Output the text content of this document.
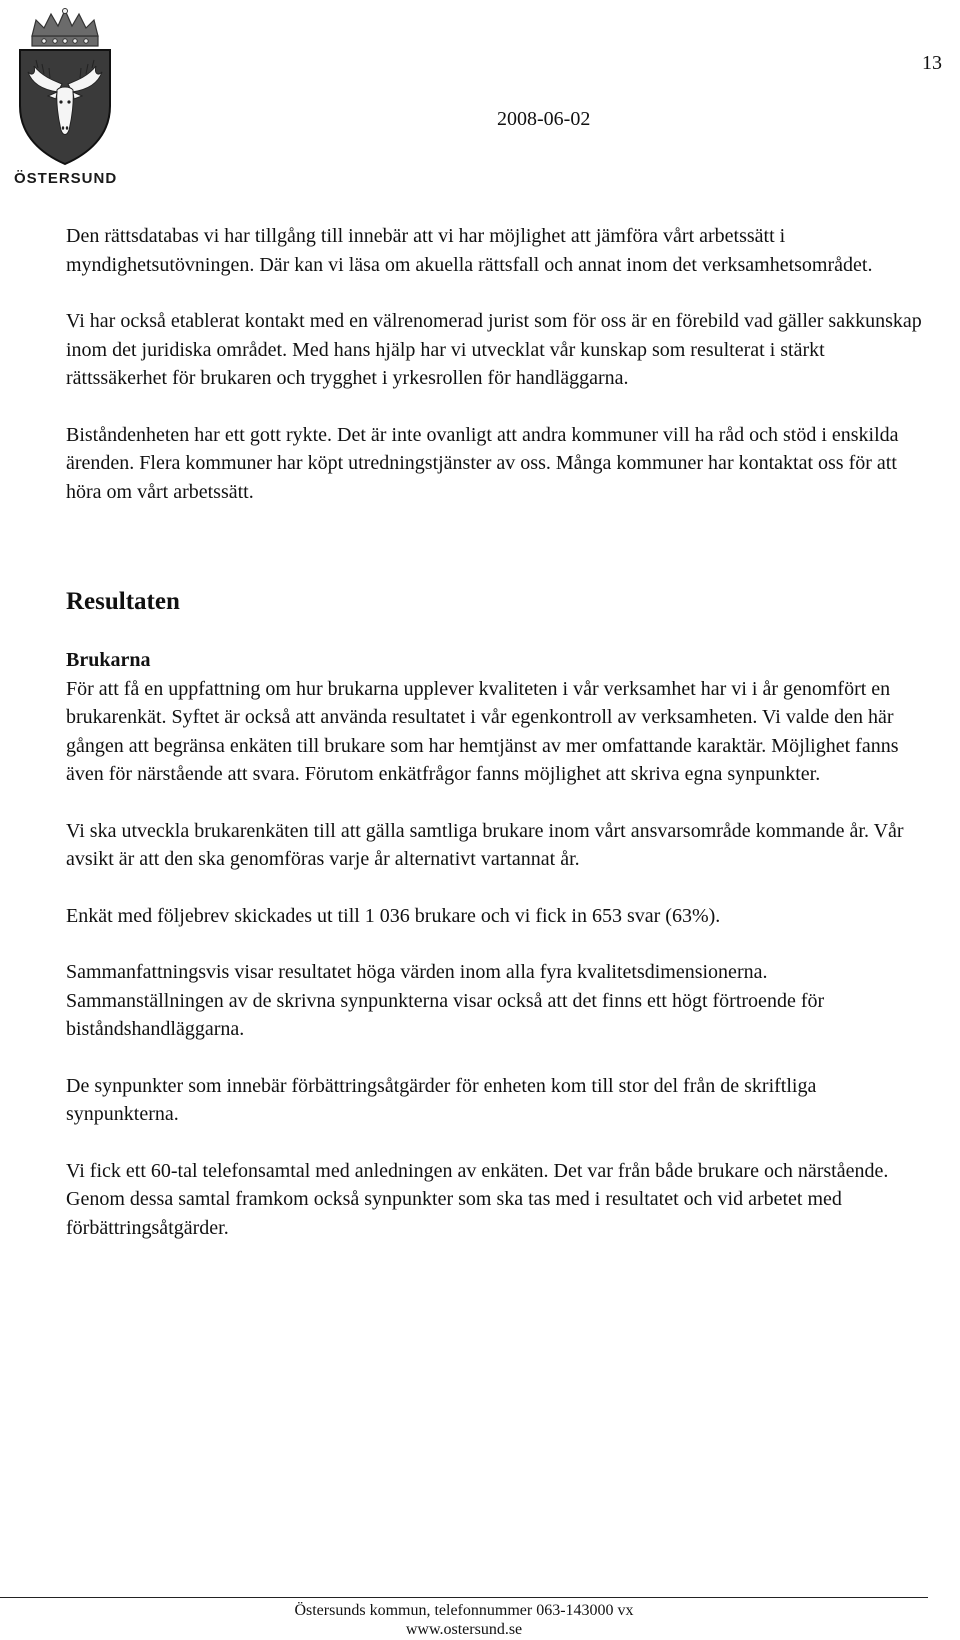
ÖSTERSUND
13
2008-06-02

Den rättsdatabas vi har tillgång till innebär att vi har möjlighet att jämföra vårt arbetssätt i myndighetsutövningen. Där kan vi läsa om akuella rättsfall och annat inom det verksamhetsområdet.

Vi har också etablerat kontakt med en välrenomerad jurist som för oss är en förebild vad gäller sakkunskap inom det juridiska området. Med hans hjälp har vi utvecklat vår kunskap som resulterat i stärkt rättssäkerhet för brukaren och trygghet i yrkesrollen för handläggarna.

Biståndenheten har ett gott rykte. Det är inte ovanligt att andra kommuner vill ha råd och stöd i enskilda ärenden. Flera kommuner har köpt utredningstjänster av oss. Många kommuner har kontaktat oss för att höra om vårt arbetssätt.

Resultaten
Brukarna

För att få en uppfattning om hur brukarna upplever kvaliteten i vår verksamhet har vi i år genomfört en brukarenkät. Syftet är också att använda resultatet i vår egenkontroll av verksamheten. Vi valde den här gången att begränsa enkäten till brukare som har hemtjänst av mer omfattande karaktär. Möjlighet fanns även för närstående att svara. Förutom enkätfrågor fanns möjlighet att skriva egna synpunkter.

Vi ska utveckla brukarenkäten till att gälla samtliga brukare inom vårt ansvarsområde kommande år. Vår avsikt är att den ska genomföras varje år alternativt vartannat år.

Enkät med följebrev skickades ut till 1 036 brukare och vi fick in 653 svar (63%).

Sammanfattningsvis visar resultatet höga värden inom alla fyra kvalitetsdimensionerna. Sammanställningen av de skrivna synpunkterna visar också att det finns ett högt förtroende för biståndshandläggarna.

De synpunkter som innebär förbättringsåtgärder för enheten kom till stor del från de skriftliga synpunkterna.

Vi fick ett 60-tal telefonsamtal med anledningen av enkäten. Det var från både brukare och närstående. Genom dessa samtal framkom också synpunkter som ska tas med i resultatet och vid arbetet med förbättringsåtgärder.

Östersunds kommun, telefonnummer 063-143000 vx
www.ostersund.se
